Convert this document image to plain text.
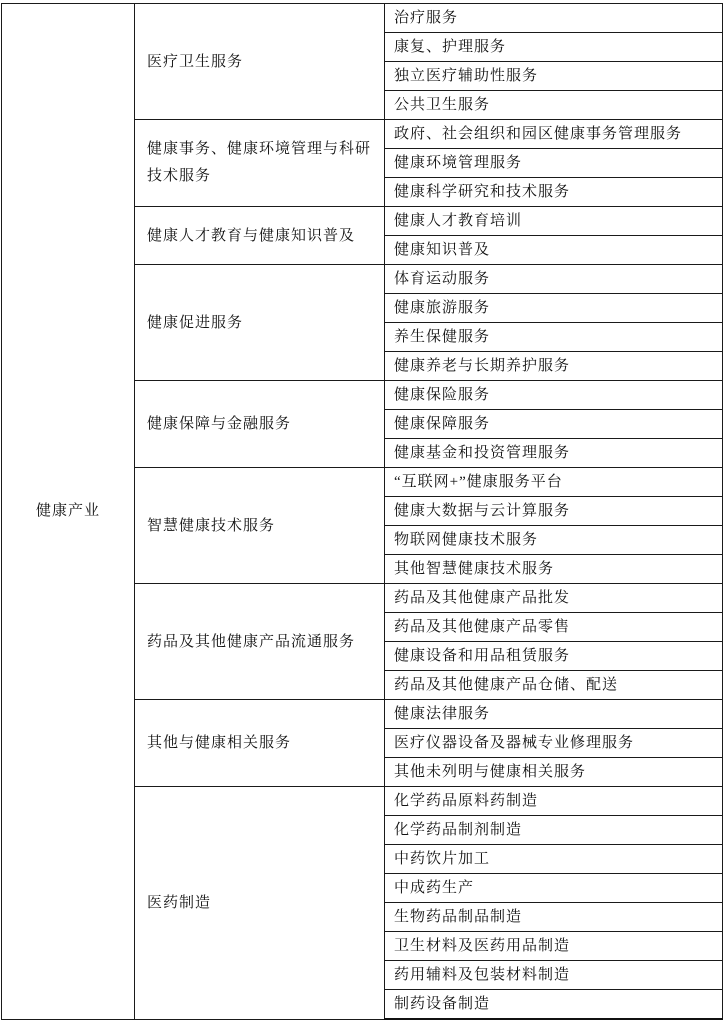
健康产业	医疗卫生服务	治疗服务
		康复、护理服务
		独立医疗辅助性服务
		公共卫生服务
	健康事务、健康环境管理与科研技术服务	政府、社会组织和园区健康事务管理服务
		健康环境管理服务
		健康科学研究和技术服务
	健康人才教育与健康知识普及	健康人才教育培训
		健康知识普及
	健康促进服务	体育运动服务
		健康旅游服务
		养生保健服务
		健康养老与长期养护服务
	健康保障与金融服务	健康保险服务
		健康保障服务
		健康基金和投资管理服务
	智慧健康技术服务	“互联网+”健康服务平台
		健康大数据与云计算服务
		物联网健康技术服务
		其他智慧健康技术服务
	药品及其他健康产品流通服务	药品及其他健康产品批发
		药品及其他健康产品零售
		健康设备和用品租赁服务
		药品及其他健康产品仓储、配送
	其他与健康相关服务	健康法律服务
		医疗仪器设备及器械专业修理服务
		其他未列明与健康相关服务
	医药制造	化学药品原料药制造
		化学药品制剂制造
		中药饮片加工
		中成药生产
		生物药品制品制造
		卫生材料及医药用品制造
		药用辅料及包装材料制造
		制药设备制造
